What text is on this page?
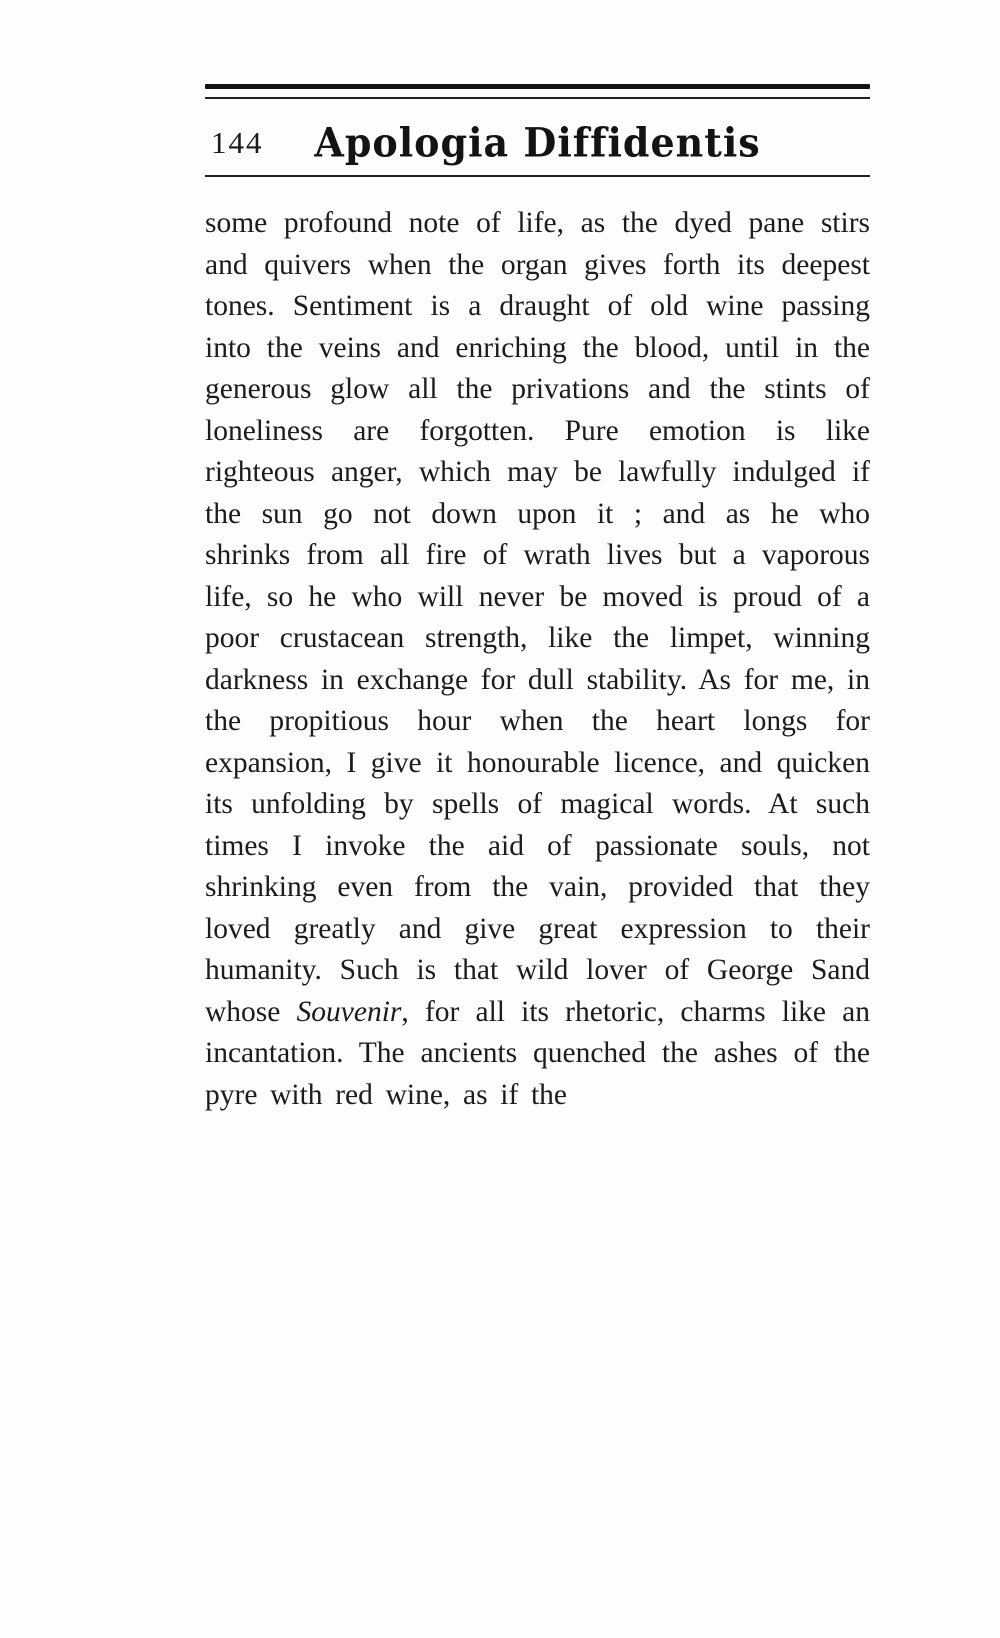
144	Apologia Diffidentis
some profound note of life, as the dyed pane stirs and quivers when the organ gives forth its deepest tones. Sentiment is a draught of old wine passing into the veins and enriching the blood, until in the generous glow all the privations and the stints of loneliness are forgotten. Pure emotion is like righteous anger, which may be lawfully indulged if the sun go not down upon it ; and as he who shrinks from all fire of wrath lives but a vaporous life, so he who will never be moved is proud of a poor crustacean strength, like the limpet, winning darkness in exchange for dull stability. As for me, in the propitious hour when the heart longs for expansion, I give it honourable licence, and quicken its unfolding by spells of magical words. At such times I invoke the aid of passionate souls, not shrinking even from the vain, provided that they loved greatly and give great expression to their humanity. Such is that wild lover of George Sand whose Souvenir, for all its rhetoric, charms like an incantation. The ancients quenched the ashes of the pyre with red wine, as if the
